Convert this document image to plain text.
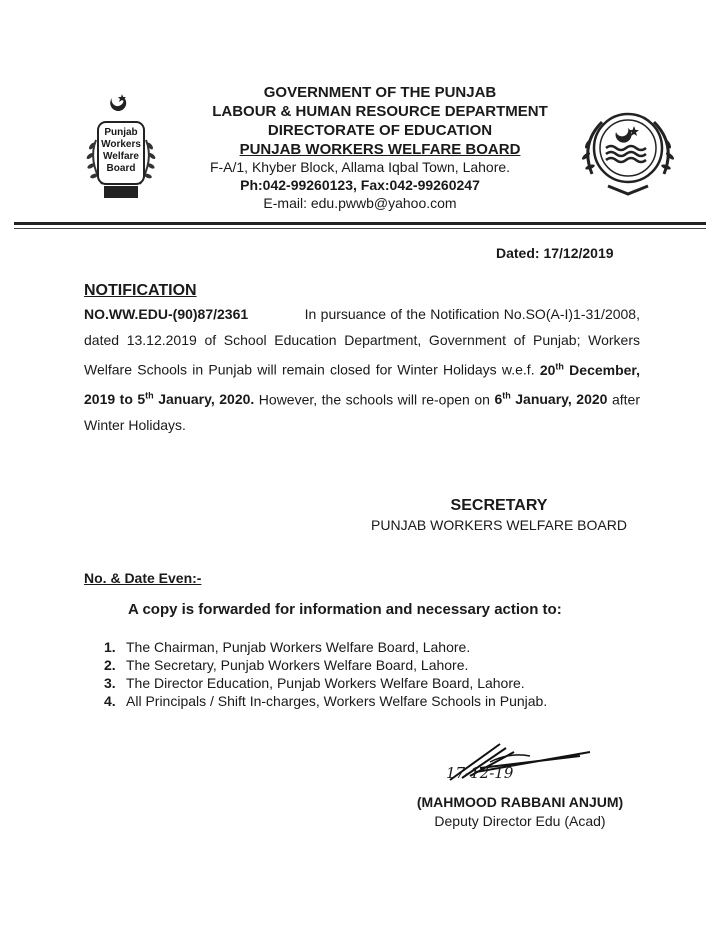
Punjab
Workers
Welfare
Board
GOVERNMENT OF THE PUNJAB
LABOUR & HUMAN RESOURCE DEPARTMENT
DIRECTORATE OF EDUCATION
PUNJAB WORKERS WELFARE BOARD
F-A/1, Khyber Block, Allama Iqbal Town, Lahore.
Ph:042-99260123, Fax:042-99260247
E-mail: edu.pwwb@yahoo.com
Dated: 17/12/2019
NOTIFICATION
NO.WW.EDU-(90)87/2361	In pursuance of the Notification No.SO(A-I)1-31/2008, dated 13.12.2019 of School Education Department, Government of Punjab; Workers Welfare Schools in Punjab will remain closed for Winter Holidays w.e.f. 20th December, 2019 to 5th January, 2020. However, the schools will re-open on 6th January, 2020 after Winter Holidays.
SECRETARY
PUNJAB WORKERS WELFARE BOARD
No. & Date Even:-
A copy is forwarded for information and necessary action to:
1. The Chairman, Punjab Workers Welfare Board, Lahore.
2. The Secretary, Punjab Workers Welfare Board, Lahore.
3. The Director Education, Punjab Workers Welfare Board, Lahore.
4. All Principals / Shift In-charges, Workers Welfare Schools in Punjab.
17-12-19
(MAHMOOD RABBANI ANJUM)
Deputy Director Edu (Acad)
